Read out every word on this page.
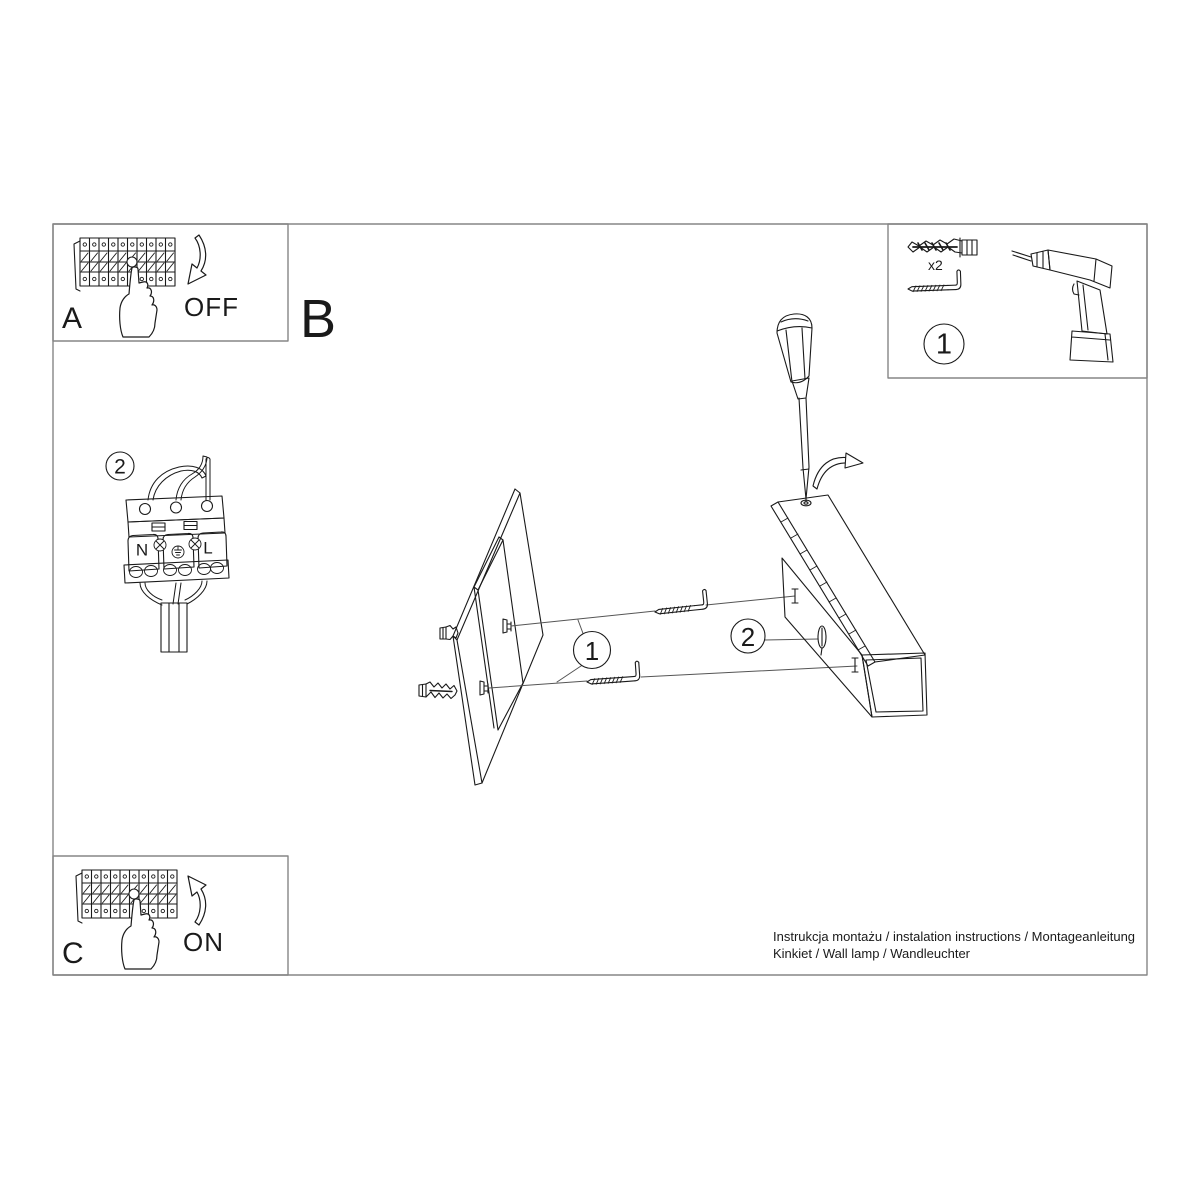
A	OFF B
C	ON
x2
1
2
N	L
1	2
Instrukcja montażu / instalation instructions / Montageanleitung
Kinkiet / Wall lamp / Wandleuchter
